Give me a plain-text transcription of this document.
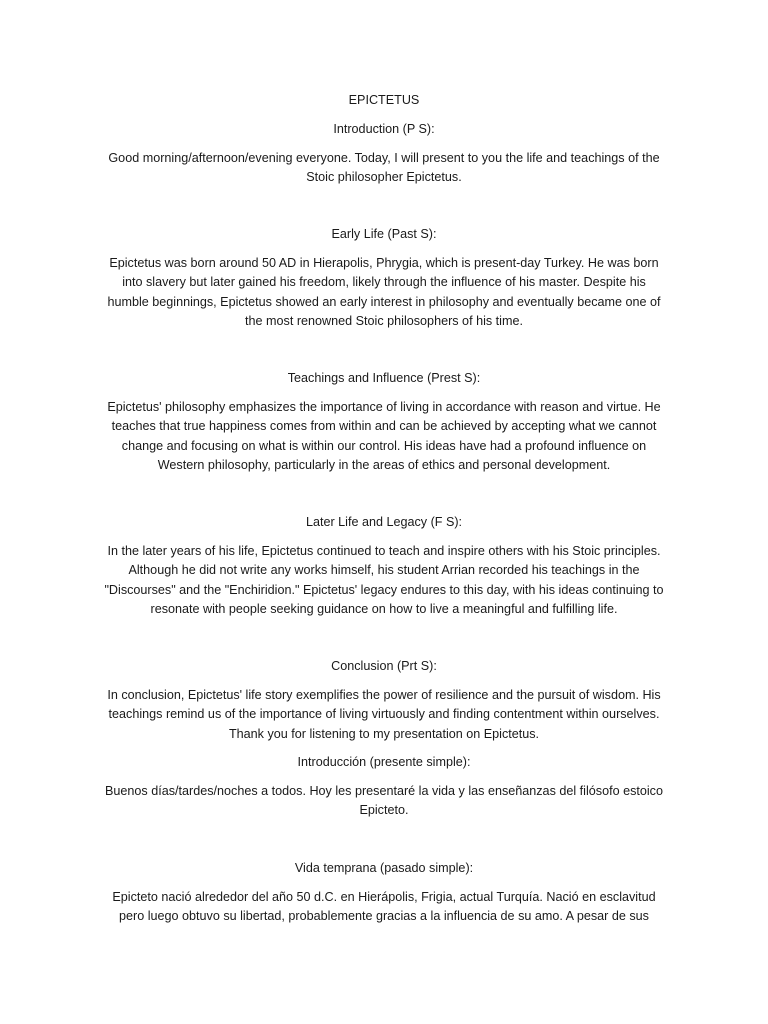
EPICTETUS
Introduction (P S):
Good morning/afternoon/evening everyone. Today, I will present to you the life and teachings of the Stoic philosopher Epictetus.
Early Life (Past S):
Epictetus was born around 50 AD in Hierapolis, Phrygia, which is present-day Turkey. He was born into slavery but later gained his freedom, likely through the influence of his master. Despite his humble beginnings, Epictetus showed an early interest in philosophy and eventually became one of the most renowned Stoic philosophers of his time.
Teachings and Influence (Prest S):
Epictetus' philosophy emphasizes the importance of living in accordance with reason and virtue. He teaches that true happiness comes from within and can be achieved by accepting what we cannot change and focusing on what is within our control. His ideas have had a profound influence on Western philosophy, particularly in the areas of ethics and personal development.
Later Life and Legacy (F S):
In the later years of his life, Epictetus continued to teach and inspire others with his Stoic principles. Although he did not write any works himself, his student Arrian recorded his teachings in the "Discourses" and the "Enchiridion." Epictetus' legacy endures to this day, with his ideas continuing to resonate with people seeking guidance on how to live a meaningful and fulfilling life.
Conclusion (Prt S):
In conclusion, Epictetus' life story exemplifies the power of resilience and the pursuit of wisdom. His teachings remind us of the importance of living virtuously and finding contentment within ourselves. Thank you for listening to my presentation on Epictetus.
Introducción (presente simple):
Buenos días/tardes/noches a todos. Hoy les presentaré la vida y las enseñanzas del filósofo estoico Epicteto.
Vida temprana (pasado simple):
Epicteto nació alrededor del año 50 d.C. en Hierápolis, Frigia, actual Turquía. Nació en esclavitud pero luego obtuvo su libertad, probablemente gracias a la influencia de su amo. A pesar de sus
